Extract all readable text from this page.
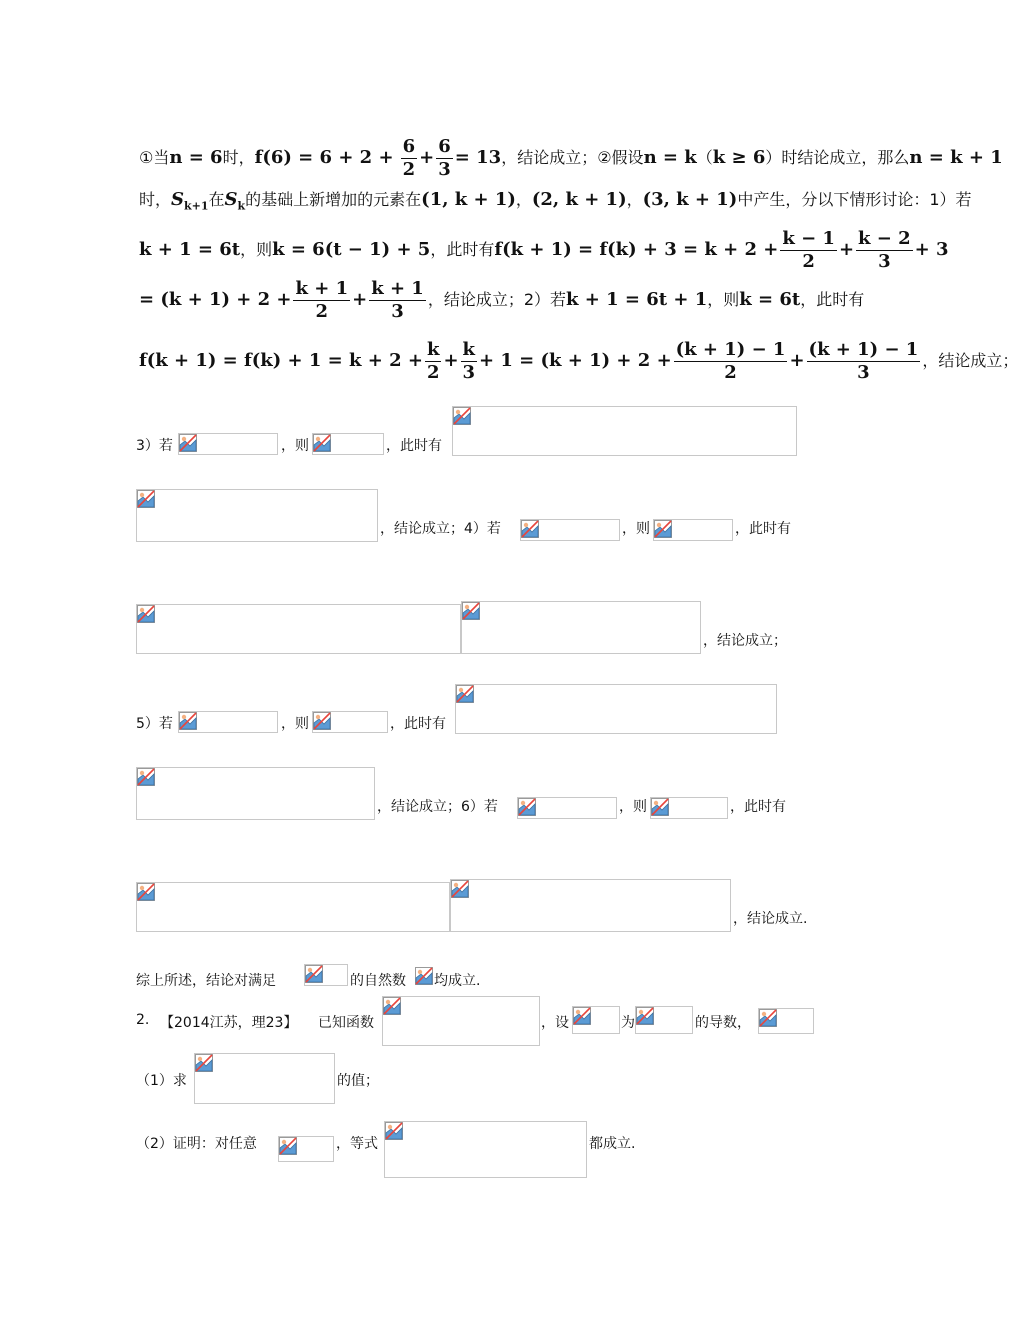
①当n = 6时，$f(6) = 6 + 2 + \frac{6}{2} + \frac{6}{3} = 13$，结论成立；②假设n = k（k ≥ 6）时结论成立，那么n = k + 1
时，$S_{k+1}$在$S_k$的基础上新增加的元素在(1, k + 1)，(2, k + 1)，(3, k + 1)中产生，分以下情形讨论：1）若
k + 1 = 6t，则k = 6(t − 1) + 5，此时有$f(k + 1) = f(k) + 3 = k + 2 + \frac{k - 1}{2} + \frac{k - 2}{3} + 3$
= $(k + 1) + 2 + \frac{k + 1}{2} + \frac{k + 1}{3}$ ，结论成立；2）若k + 1 = 6t + 1，则k = 6t，此时有
$f(k + 1) = f(k) + 1 = k + 2 + \frac{k}{2} + \frac{k}{3} + 1 = (k + 1) + 2 + \frac{(k + 1) - 1}{2} + \frac{(k + 1) - 1}{3}$ ，结论成立；
3）若	，则	，此时有
，结论成立；4）若	，则	，此时有
，结论成立；
5）若	，则	，此时有
，结论成立；6）若	，则	，此时有
，结论成立.
综上所述，结论对满足	的自然数 均成立.
2. 【2014江苏，理23】 已知函数	，设	为	的导数，
（1）求	的值；
（2）证明：对任意	，等式	都成立.
